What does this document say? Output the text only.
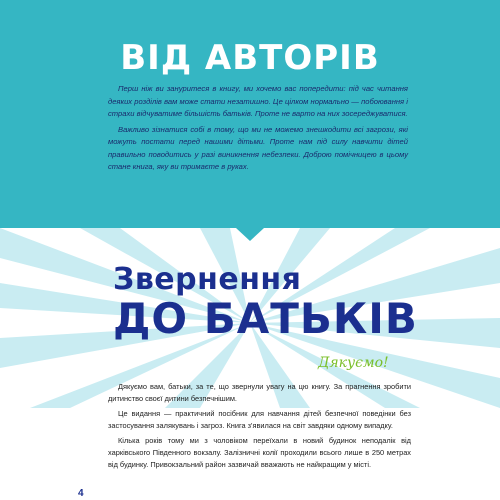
ВІД АВТОРІВ

Перш ніж ви зануритеся в книгу, ми хочемо вас попередити: під час читання деяких розділів вам може стати незатишно. Це цілком нормально — побоювання і страхи відчуватиме більшість батьків. Проте не варто на них зосереджуватися.

Важливо зізнатися собі в тому, що ми не можемо знешкодити всі загрози, які можуть постати перед нашими дітьми. Проте нам під силу навчити дітей правильно поводитись у разі виникнення небезпеки. Доброю помічницею в цьому стане книга, яку ви тримаєте в руках.

Звернення
ДО БАТЬКІВ
Дякуємо!

Дякуємо вам, батьки, за те, що звернули увагу на цю книгу. За прагнення зробити дитинство своєї дитини безпечнішим.

Це видання — практичний посібник для навчання дітей безпечної поведінки без застосування залякувань і загроз. Книга з'явилася на світ завдяки одному випадку.

Кілька років тому ми з чоловіком переїхали в новий будинок неподалік від харківського Південного вокзалу. Залізничні колії проходили всього лише в 250 метрах від будинку. Привокзальний район зазвичай вважають не найкращим у місті.

4
